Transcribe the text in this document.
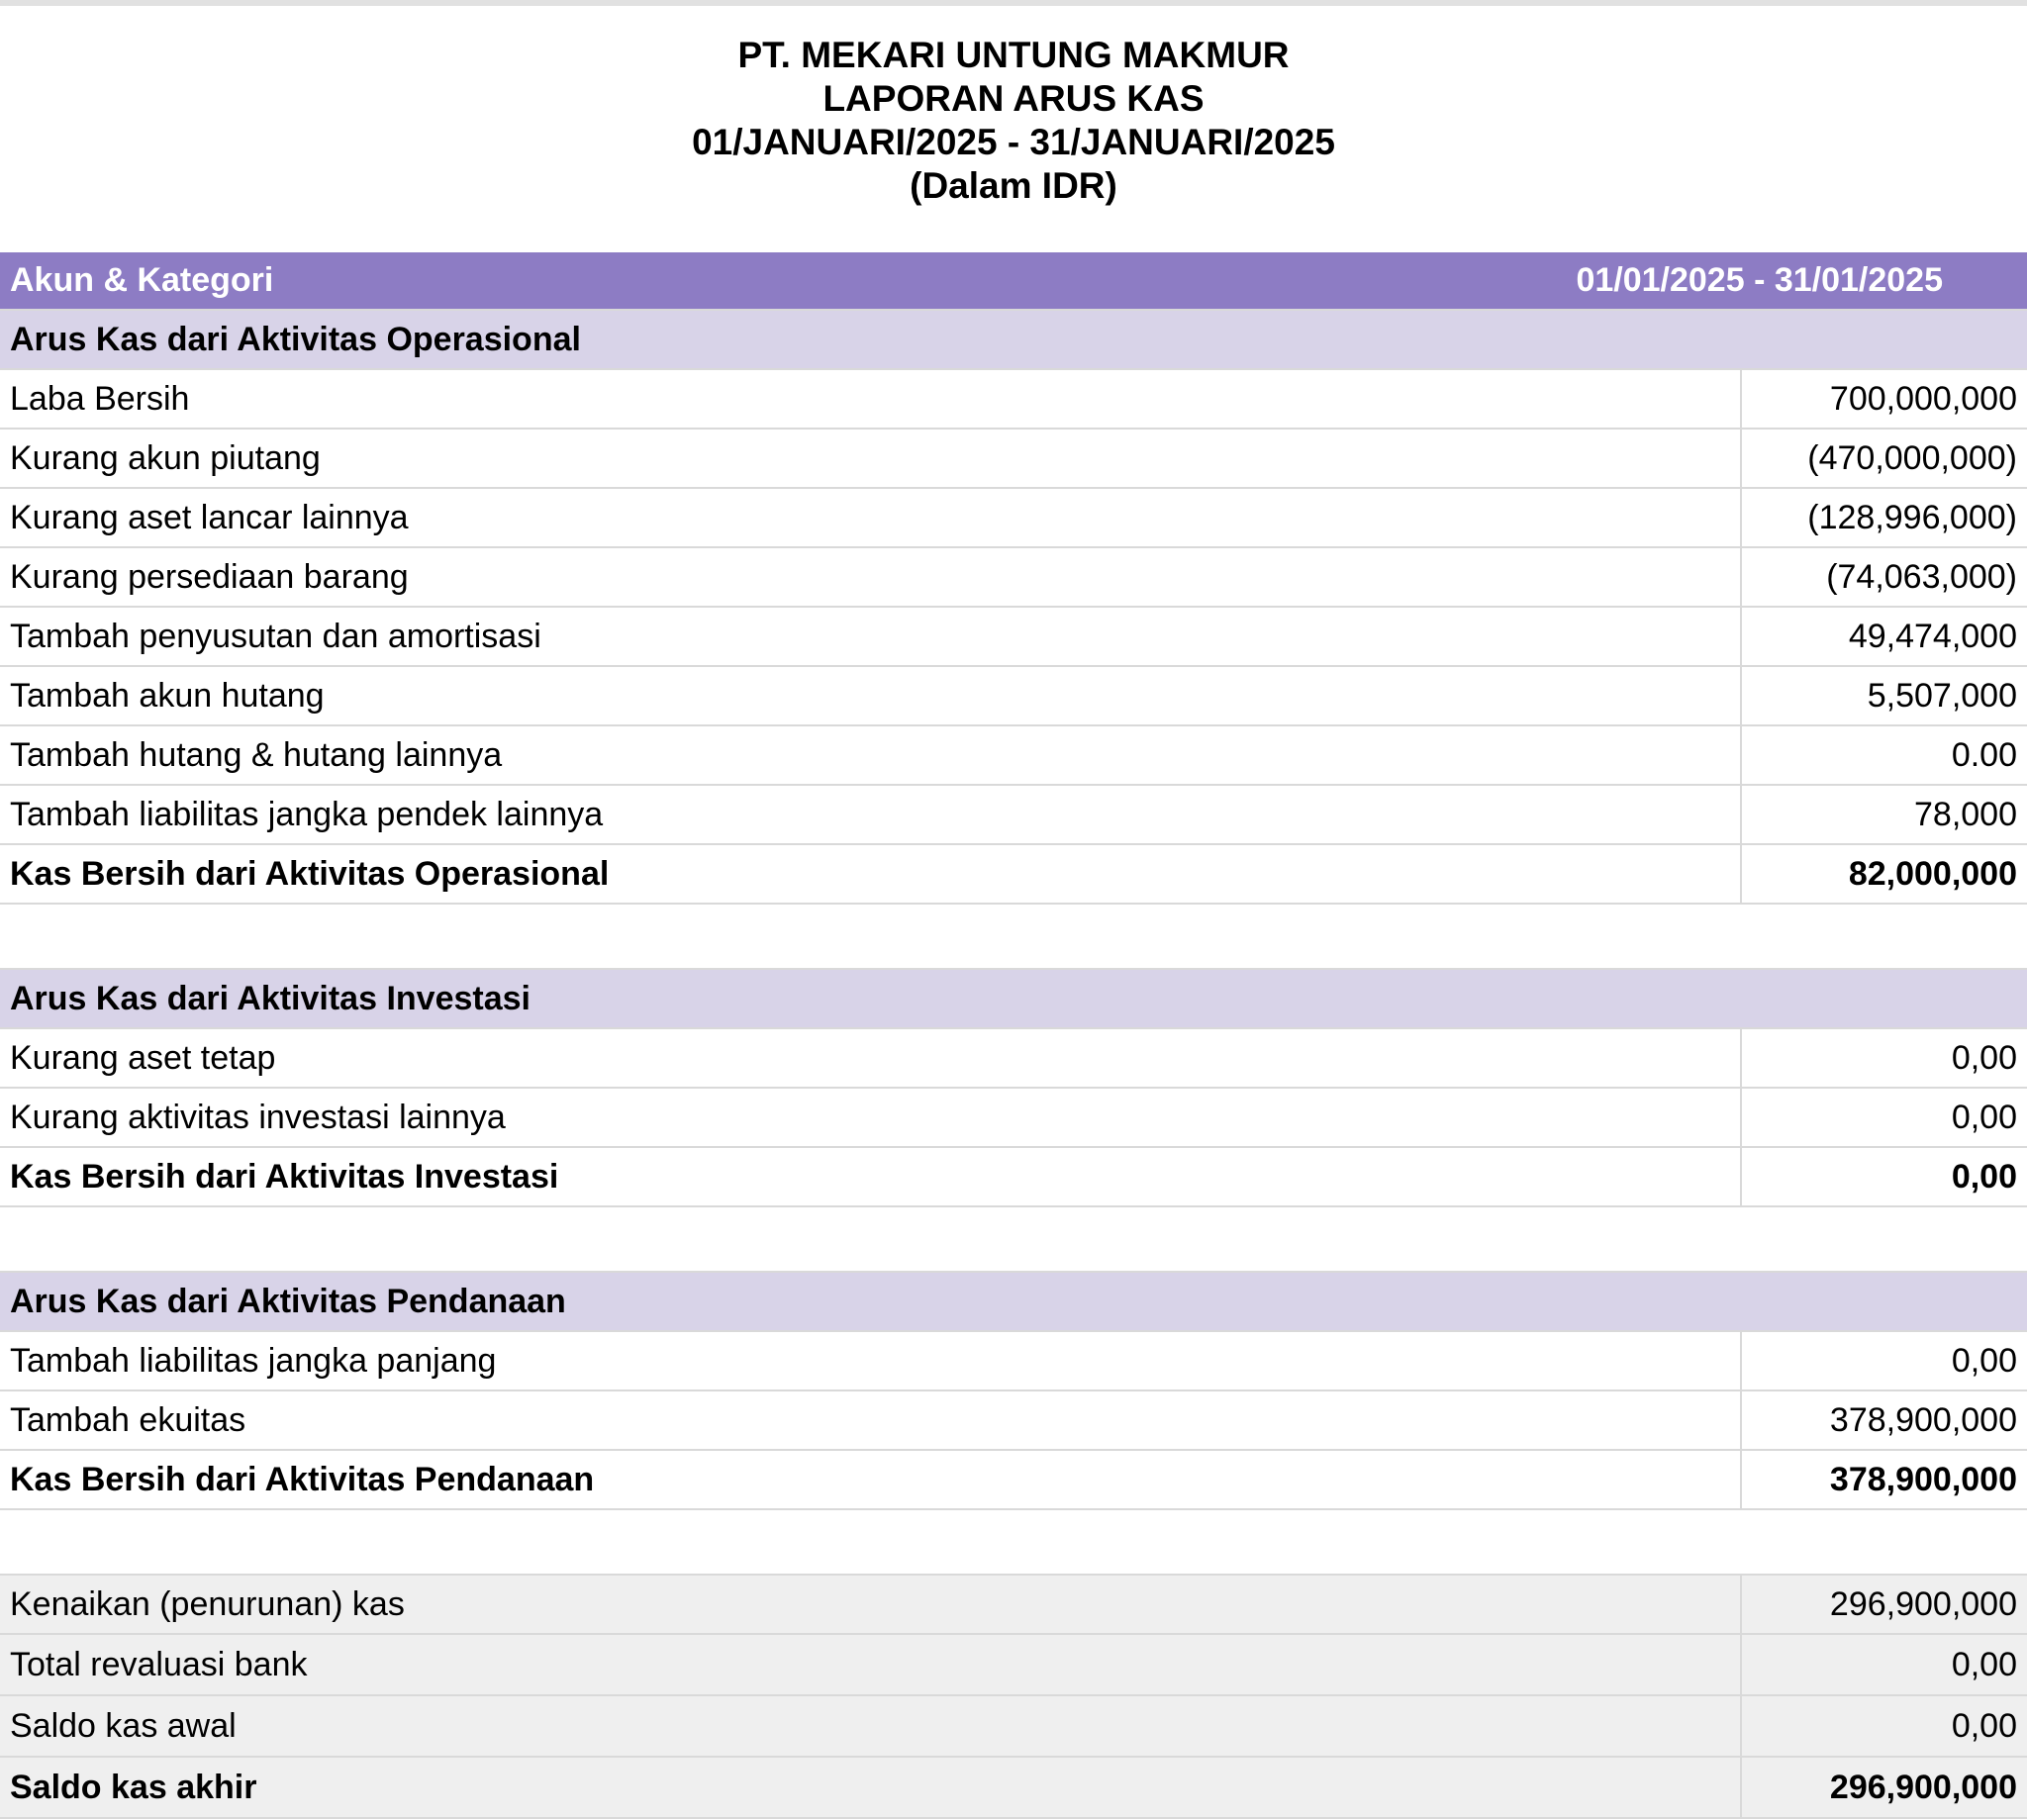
PT. MEKARI UNTUNG MAKMUR
LAPORAN ARUS KAS
01/JANUARI/2025 - 31/JANUARI/2025
(Dalam IDR)
Akun & Kategori	01/01/2025 - 31/01/2025
Arus Kas dari Aktivitas Operasional
Laba Bersih	700,000,000
Kurang akun piutang	(470,000,000)
Kurang aset lancar lainnya	(128,996,000)
Kurang persediaan barang	(74,063,000)
Tambah penyusutan dan amortisasi	49,474,000
Tambah akun hutang	5,507,000
Tambah hutang & hutang lainnya	0.00
Tambah liabilitas jangka pendek lainnya	78,000
Kas Bersih dari Aktivitas Operasional	82,000,000
Arus Kas dari Aktivitas Investasi
Kurang aset tetap	0,00
Kurang aktivitas investasi lainnya	0,00
Kas Bersih dari Aktivitas Investasi	0,00
Arus Kas dari Aktivitas Pendanaan
Tambah liabilitas jangka panjang	0,00
Tambah ekuitas	378,900,000
Kas Bersih dari Aktivitas Pendanaan	378,900,000
Kenaikan (penurunan) kas	296,900,000
Total revaluasi bank	0,00
Saldo kas awal	0,00
Saldo kas akhir	296,900,000
